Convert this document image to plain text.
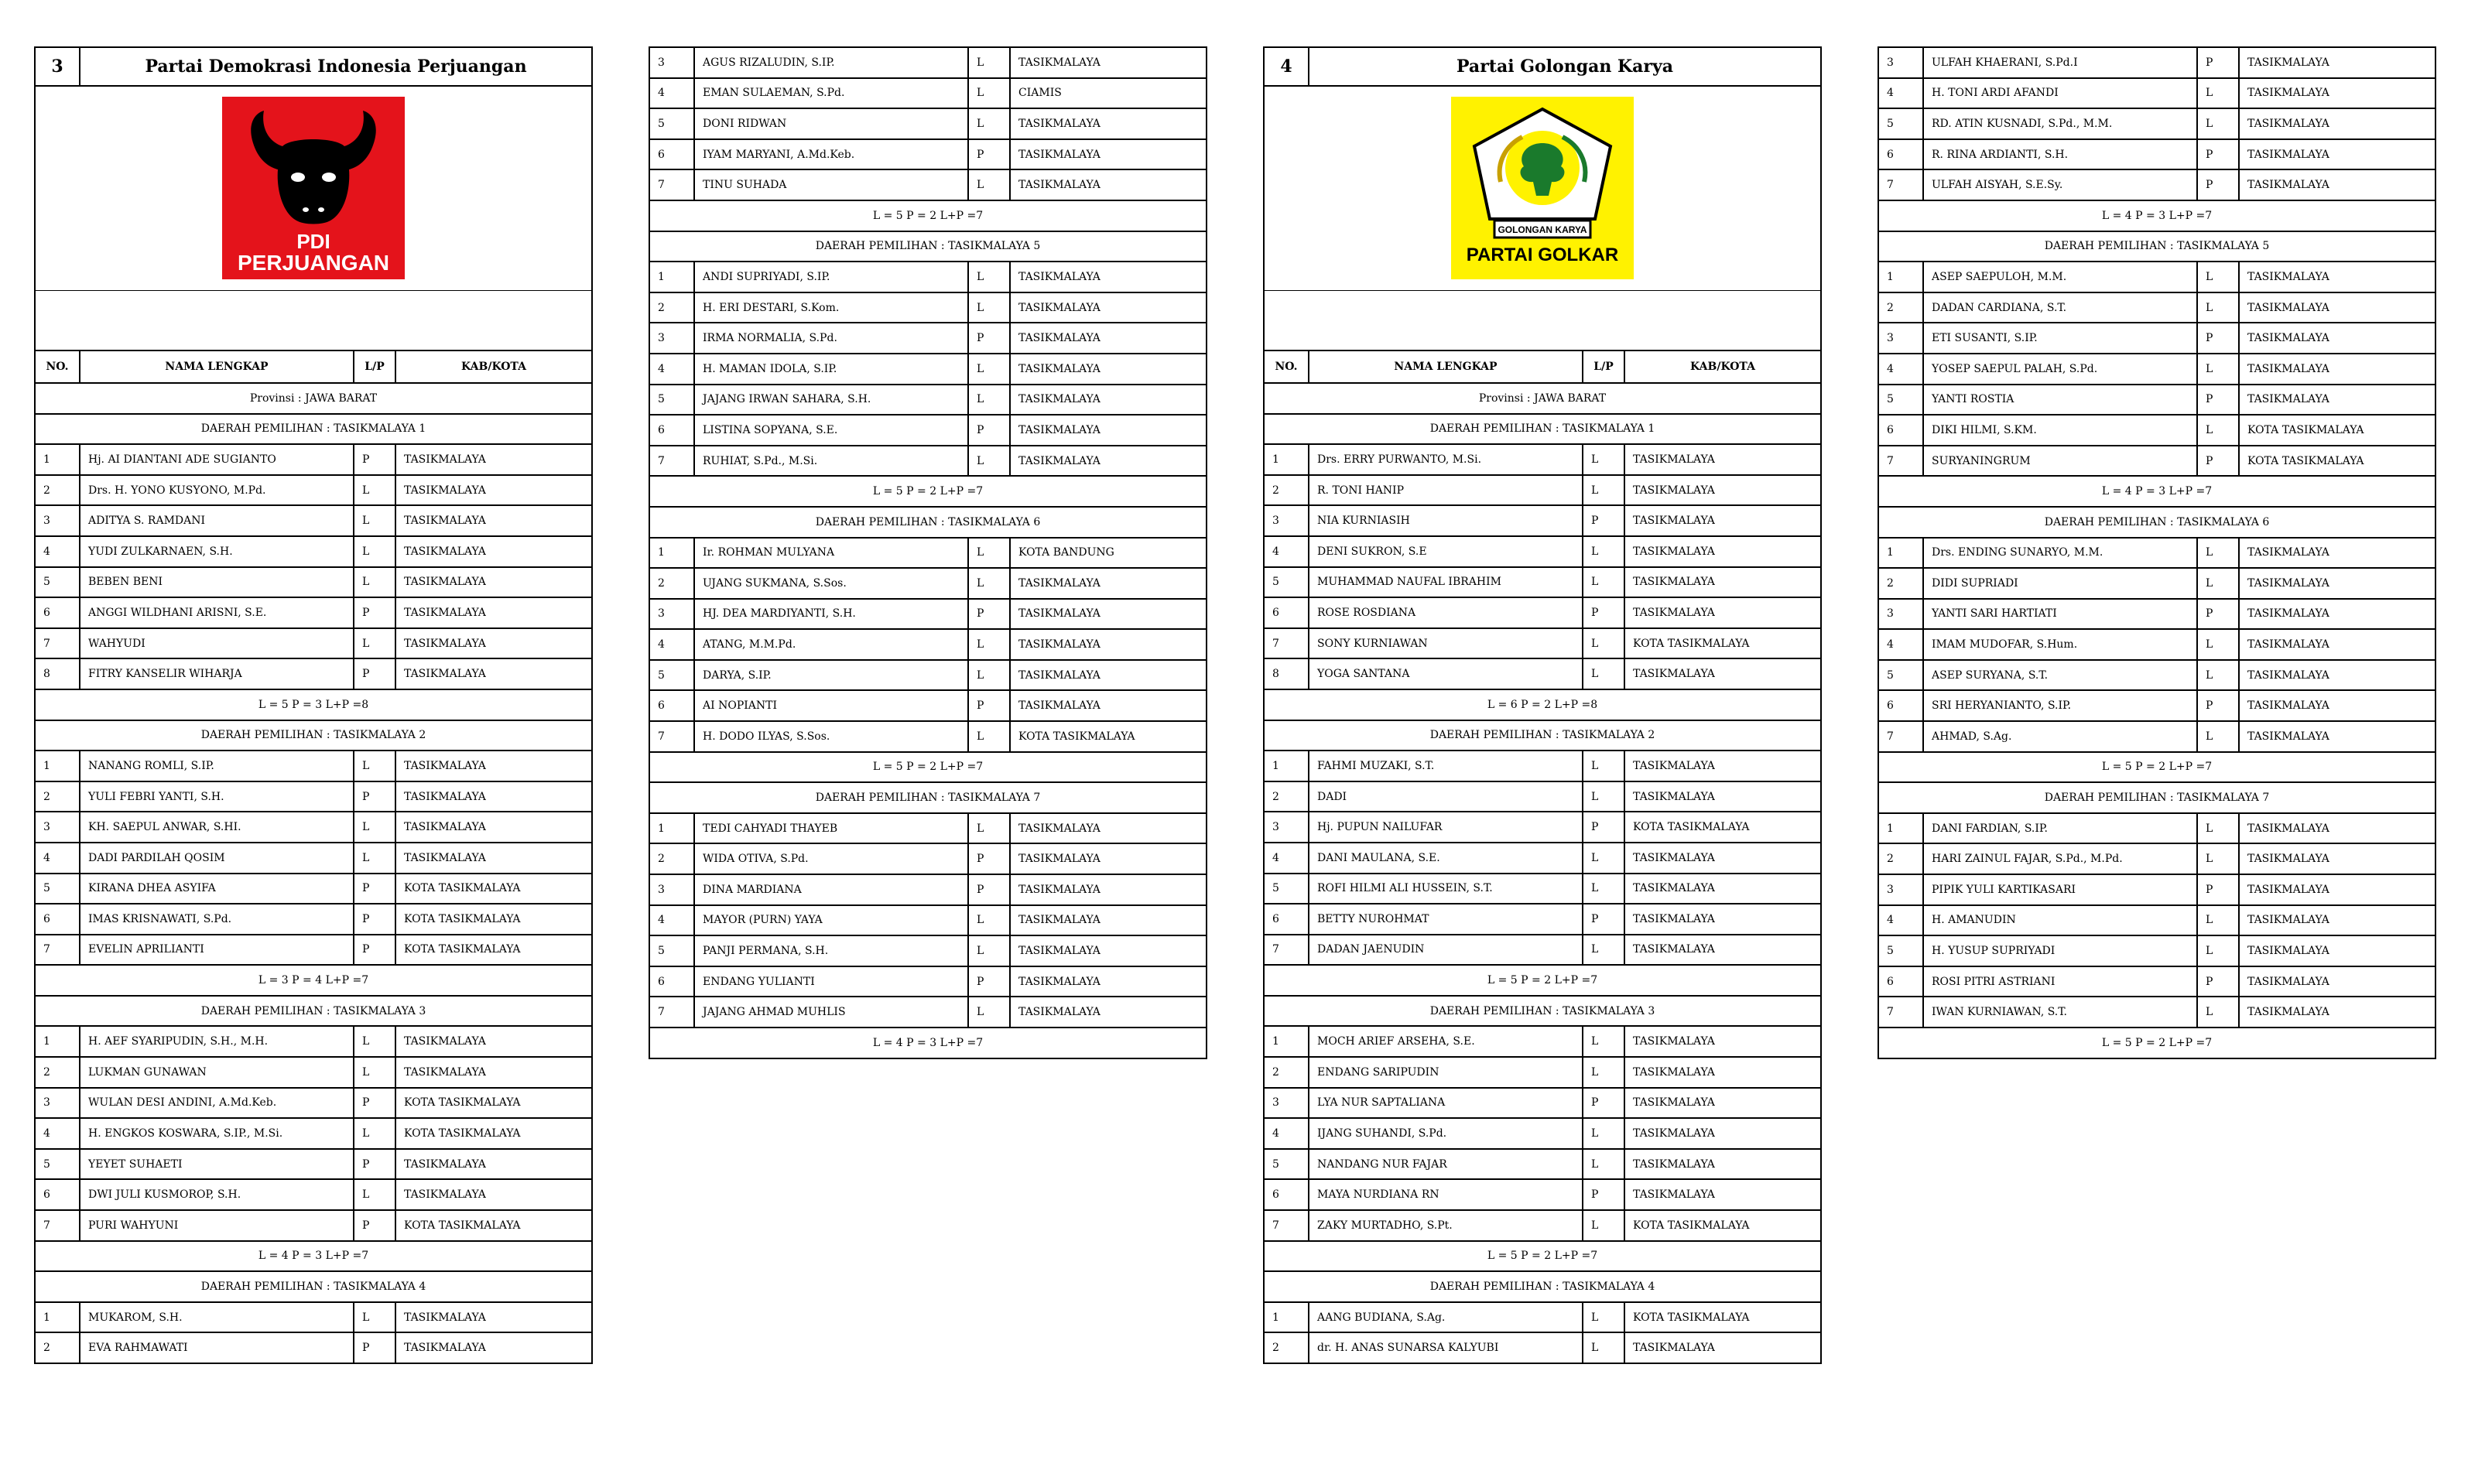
3	Partai Demokrasi Indonesia Perjuangan		

PDI
PERJUANGAN			

NO.	NAMA LENGKAP	L/P	KAB/KOTA
Provinsi : JAWA BARAT			
DAERAH PEMILIHAN : TASIKMALAYA 1			
1	Hj. AI DIANTANI ADE SUGIANTO	P	TASIKMALAYA
2	Drs. H. YONO KUSYONO, M.Pd.	L	TASIKMALAYA
3	ADITYA S. RAMDANI	L	TASIKMALAYA
4	YUDI ZULKARNAEN, S.H.	L	TASIKMALAYA
5	BEBEN BENI	L	TASIKMALAYA
6	ANGGI WILDHANI ARISNI, S.E.	P	TASIKMALAYA
7	WAHYUDI	L	TASIKMALAYA
8	FITRY KANSELIR WIHARJA	P	TASIKMALAYA
L = 5 P = 3 L+P =8			
DAERAH PEMILIHAN : TASIKMALAYA 2			
1	NANANG ROMLI, S.IP.	L	TASIKMALAYA
2	YULI FEBRI YANTI, S.H.	P	TASIKMALAYA
3	KH. SAEPUL ANWAR, S.HI.	L	TASIKMALAYA
4	DADI PARDILAH QOSIM	L	TASIKMALAYA
5	KIRANA DHEA ASYIFA	P	KOTA TASIKMALAYA
6	IMAS KRISNAWATI, S.Pd.	P	KOTA TASIKMALAYA
7	EVELIN APRILIANTI	P	KOTA TASIKMALAYA
L = 3 P = 4 L+P =7			
DAERAH PEMILIHAN : TASIKMALAYA 3			
1	H. AEF SYARIPUDIN, S.H., M.H.	L	TASIKMALAYA
2	LUKMAN GUNAWAN	L	TASIKMALAYA
3	WULAN DESI ANDINI, A.Md.Keb.	P	KOTA TASIKMALAYA
4	H. ENGKOS KOSWARA, S.IP., M.Si.	L	KOTA TASIKMALAYA
5	YEYET SUHAETI	P	TASIKMALAYA
6	DWI JULI KUSMOROP, S.H.	L	TASIKMALAYA
7	PURI WAHYUNI	P	KOTA TASIKMALAYA
L = 4 P = 3 L+P =7			
DAERAH PEMILIHAN : TASIKMALAYA 4			
1	MUKAROM, S.H.	L	TASIKMALAYA
2	EVA RAHMAWATI	P	TASIKMALAYA
3	AGUS RIZALUDIN, S.IP.	L	TASIKMALAYA
4	EMAN SULAEMAN, S.Pd.	L	CIAMIS
5	DONI RIDWAN	L	TASIKMALAYA
6	IYAM MARYANI, A.Md.Keb.	P	TASIKMALAYA
7	TINU SUHADA	L	TASIKMALAYA
L = 5 P = 2 L+P =7			
DAERAH PEMILIHAN : TASIKMALAYA 5			
1	ANDI SUPRIYADI, S.IP.	L	TASIKMALAYA
2	H. ERI DESTARI, S.Kom.	L	TASIKMALAYA
3	IRMA NORMALIA, S.Pd.	P	TASIKMALAYA
4	H. MAMAN IDOLA, S.IP.	L	TASIKMALAYA
5	JAJANG IRWAN SAHARA, S.H.	L	TASIKMALAYA
6	LISTINA SOPYANA, S.E.	P	TASIKMALAYA
7	RUHIAT, S.Pd., M.Si.	L	TASIKMALAYA
L = 5 P = 2 L+P =7			
DAERAH PEMILIHAN : TASIKMALAYA 6			
1	Ir. ROHMAN MULYANA	L	KOTA BANDUNG
2	UJANG SUKMANA, S.Sos.	L	TASIKMALAYA
3	HJ. DEA MARDIYANTI, S.H.	P	TASIKMALAYA
4	ATANG, M.M.Pd.	L	TASIKMALAYA
5	DARYA, S.IP.	L	TASIKMALAYA
6	AI NOPIANTI	P	TASIKMALAYA
7	H. DODO ILYAS, S.Sos.	L	KOTA TASIKMALAYA
L = 5 P = 2 L+P =7			
DAERAH PEMILIHAN : TASIKMALAYA 7			
1	TEDI CAHYADI THAYEB	L	TASIKMALAYA
2	WIDA OTIVA, S.Pd.	P	TASIKMALAYA
3	DINA MARDIANA	P	TASIKMALAYA
4	MAYOR (PURN) YAYA	L	TASIKMALAYA
5	PANJI PERMANA, S.H.	L	TASIKMALAYA
6	ENDANG YULIANTI	P	TASIKMALAYA
7	JAJANG AHMAD MUHLIS	L	TASIKMALAYA
L = 4 P = 3 L+P =7			
4	Partai Golongan Karya		

GOLONGAN KARYA
PARTAI GOLKAR			

NO.	NAMA LENGKAP	L/P	KAB/KOTA
Provinsi : JAWA BARAT			
DAERAH PEMILIHAN : TASIKMALAYA 1			
1	Drs. ERRY PURWANTO, M.Si.	L	TASIKMALAYA
2	R. TONI HANIP	L	TASIKMALAYA
3	NIA KURNIASIH	P	TASIKMALAYA
4	DENI SUKRON, S.E	L	TASIKMALAYA
5	MUHAMMAD NAUFAL IBRAHIM	L	TASIKMALAYA
6	ROSE ROSDIANA	P	TASIKMALAYA
7	SONY KURNIAWAN	L	KOTA TASIKMALAYA
8	YOGA SANTANA	L	TASIKMALAYA
L = 6 P = 2 L+P =8			
DAERAH PEMILIHAN : TASIKMALAYA 2			
1	FAHMI MUZAKI, S.T.	L	TASIKMALAYA
2	DADI	L	TASIKMALAYA
3	Hj. PUPUN NAILUFAR	P	KOTA TASIKMALAYA
4	DANI MAULANA, S.E.	L	TASIKMALAYA
5	ROFI HILMI ALI HUSSEIN, S.T.	L	TASIKMALAYA
6	BETTY NUROHMAT	P	TASIKMALAYA
7	DADAN JAENUDIN	L	TASIKMALAYA
L = 5 P = 2 L+P =7			
DAERAH PEMILIHAN : TASIKMALAYA 3			
1	MOCH ARIEF ARSEHA, S.E.	L	TASIKMALAYA
2	ENDANG SARIPUDIN	L	TASIKMALAYA
3	LYA NUR SAPTALIANA	P	TASIKMALAYA
4	IJANG SUHANDI, S.Pd.	L	TASIKMALAYA
5	NANDANG NUR FAJAR	L	TASIKMALAYA
6	MAYA NURDIANA RN	P	TASIKMALAYA
7	ZAKY MURTADHO, S.Pt.	L	KOTA TASIKMALAYA
L = 5 P = 2 L+P =7			
DAERAH PEMILIHAN : TASIKMALAYA 4			
1	AANG BUDIANA, S.Ag.	L	KOTA TASIKMALAYA
2	dr. H. ANAS SUNARSA KALYUBI	L	TASIKMALAYA
3	ULFAH KHAERANI, S.Pd.I	P	TASIKMALAYA
4	H. TONI ARDI AFANDI	L	TASIKMALAYA
5	RD. ATIN KUSNADI, S.Pd., M.M.	L	TASIKMALAYA
6	R. RINA ARDIANTI, S.H.	P	TASIKMALAYA
7	ULFAH AISYAH, S.E.Sy.	P	TASIKMALAYA
L = 4 P = 3 L+P =7			
DAERAH PEMILIHAN : TASIKMALAYA 5			
1	ASEP SAEPULOH, M.M.	L	TASIKMALAYA
2	DADAN CARDIANA, S.T.	L	TASIKMALAYA
3	ETI SUSANTI, S.IP.	P	TASIKMALAYA
4	YOSEP SAEPUL PALAH, S.Pd.	L	TASIKMALAYA
5	YANTI ROSTIA	P	TASIKMALAYA
6	DIKI HILMI, S.KM.	L	KOTA TASIKMALAYA
7	SURYANINGRUM	P	KOTA TASIKMALAYA
L = 4 P = 3 L+P =7			
DAERAH PEMILIHAN : TASIKMALAYA 6			
1	Drs. ENDING SUNARYO, M.M.	L	TASIKMALAYA
2	DIDI SUPRIADI	L	TASIKMALAYA
3	YANTI SARI HARTIATI	P	TASIKMALAYA
4	IMAM MUDOFAR, S.Hum.	L	TASIKMALAYA
5	ASEP SURYANA, S.T.	L	TASIKMALAYA
6	SRI HERYANIANTO, S.IP.	P	TASIKMALAYA
7	AHMAD, S.Ag.	L	TASIKMALAYA
L = 5 P = 2 L+P =7			
DAERAH PEMILIHAN : TASIKMALAYA 7			
1	DANI FARDIAN, S.IP.	L	TASIKMALAYA
2	HARI ZAINUL FAJAR, S.Pd., M.Pd.	L	TASIKMALAYA
3	PIPIK YULI KARTIKASARI	P	TASIKMALAYA
4	H. AMANUDIN	L	TASIKMALAYA
5	H. YUSUP SUPRIYADI	L	TASIKMALAYA
6	ROSI PITRI ASTRIANI	P	TASIKMALAYA
7	IWAN KURNIAWAN, S.T.	L	TASIKMALAYA
L = 5 P = 2 L+P =7			
